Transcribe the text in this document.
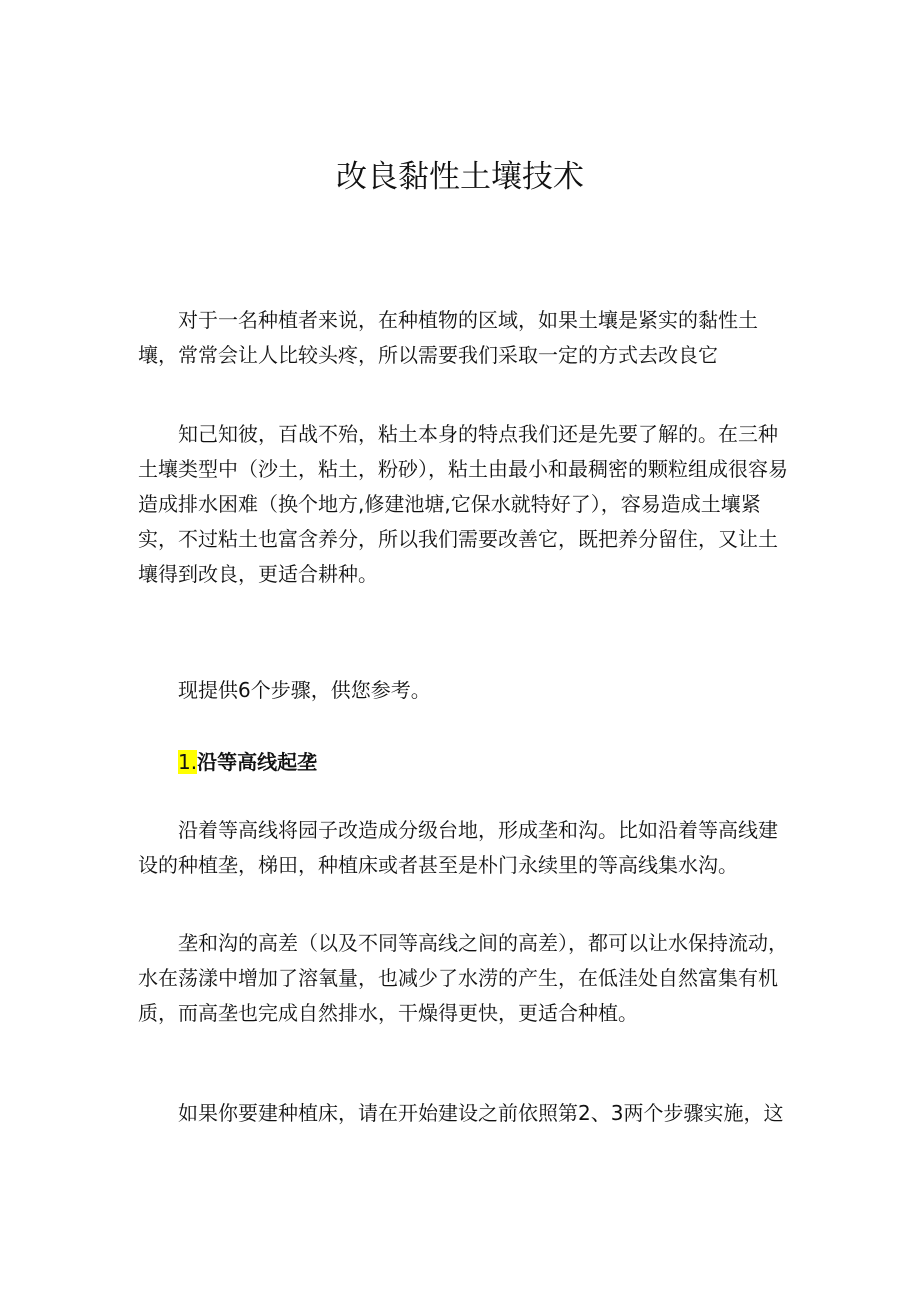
改良黏性土壤技术

对于一名种植者来说，在种植物的区域，如果土壤是紧实的黏性土壤，常常会让人比较头疼，所以需要我们采取一定的方式去改良它

知己知彼，百战不殆，粘土本身的特点我们还是先要了解的。在三种土壤类型中（沙土，粘土，粉砂），粘土由最小和最稠密的颗粒组成很容易造成排水困难（换个地方,修建池塘,它保水就特好了），容易造成土壤紧实，不过粘土也富含养分，所以我们需要改善它，既把养分留住，又让土壤得到改良，更适合耕种。

现提供6个步骤，供您参考。

1.沿等高线起垄

沿着等高线将园子改造成分级台地，形成垄和沟。比如沿着等高线建设的种植垄，梯田，种植床或者甚至是朴门永续里的等高线集水沟。

垄和沟的高差（以及不同等高线之间的高差），都可以让水保持流动，水在荡漾中增加了溶氧量，也减少了水涝的产生，在低洼处自然富集有机质，而高垄也完成自然排水，干燥得更快，更适合种植。

如果你要建种植床，请在开始建设之前依照第2、3两个步骤实施，这
